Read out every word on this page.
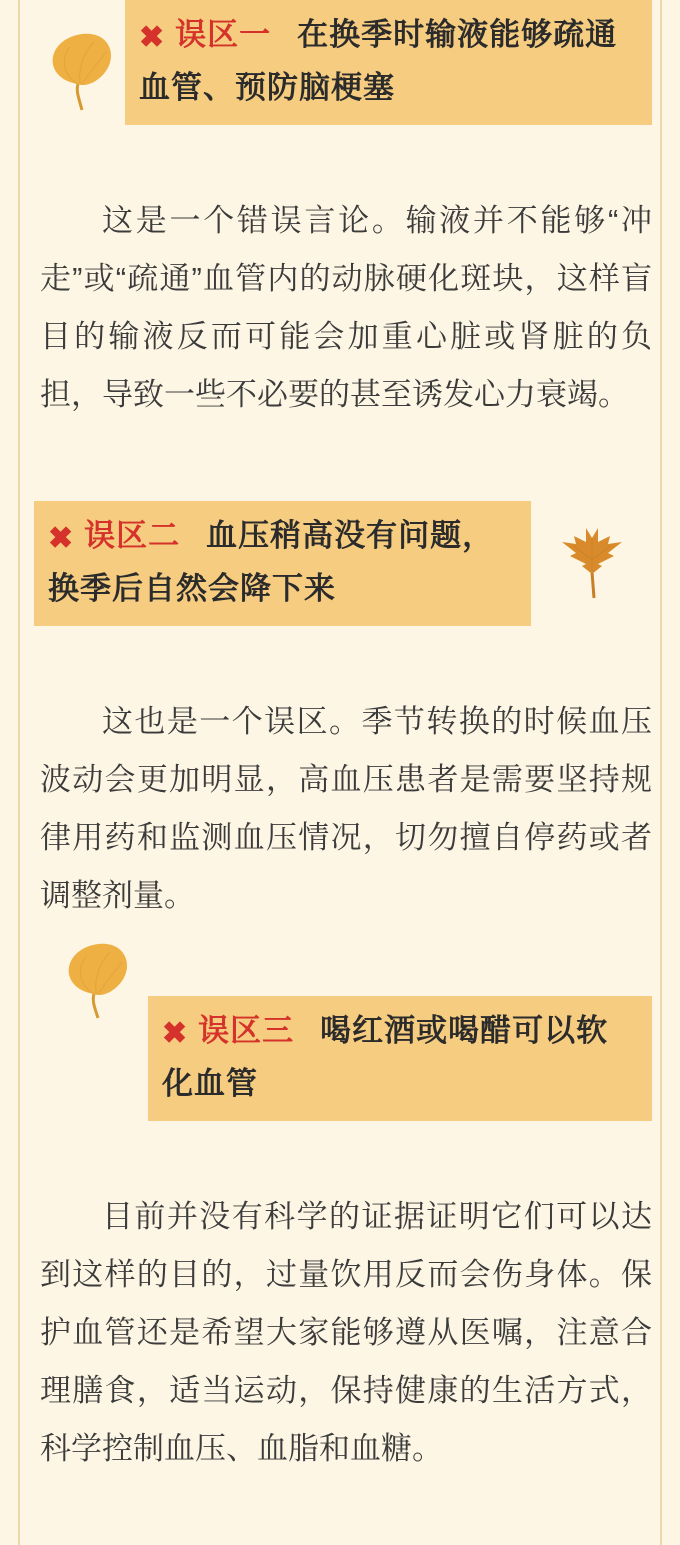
✖ 误区一 在换季时输液能够疏通血管、预防脑梗塞

这是一个错误言论。输液并不能够“冲走”或“疏通”血管内的动脉硬化斑块，这样盲目的输液反而可能会加重心脏或肾脏的负担，导致一些不必要的甚至诱发心力衰竭。

✖ 误区二 血压稍高没有问题，换季后自然会降下来

这也是一个误区。季节转换的时候血压波动会更加明显，高血压患者是需要坚持规律用药和监测血压情况，切勿擅自停药或者调整剂量。

✖ 误区三 喝红酒或喝醋可以软化血管

目前并没有科学的证据证明它们可以达到这样的目的，过量饮用反而会伤身体。保护血管还是希望大家能够遵从医嘱，注意合理膳食，适当运动，保持健康的生活方式，科学控制血压、血脂和血糖。
